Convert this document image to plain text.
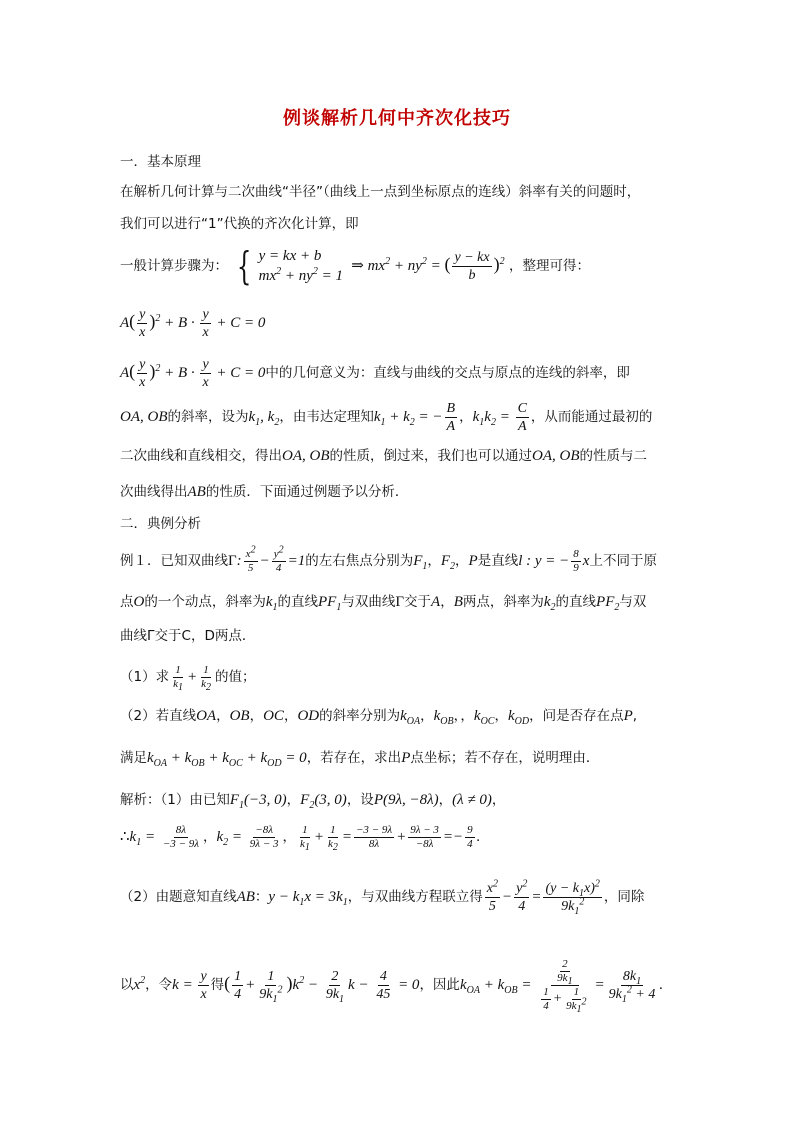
例谈解析几何中齐次化技巧
一．基本原理
在解析几何计算与二次曲线“半径”（曲线上一点到坐标原点的连线）斜率有关的问题时，
我们可以进行“1”代换的齐次化计算，即
一般计算步骤为： { y = kx + b
$mx^2 + ny^2 = 1$
⇒ $mx^2 + ny^2$ = ( $\frac{y - kx}{b} )^2$ ，整理可得：
$A( \frac{y}{x} )^2 + B \cdot \frac{y}{x} + C = 0$
$A( \frac{y}{x} )^2 + B \cdot \frac{y}{x} + C = 0$中的几何意义为：直线与曲线的交点与原点的连线的斜率，即
OA, OB的斜率，设为$k_1$, $k_2$，由韦达定理知$k_1 + k_2$ = − $\frac{B}{A}$ ，$k_1k_2 = \frac{C}{A}$ ，从而能通过最初的
二次曲线和直线相交，得出OA, OB的性质，倒过来，我们也可以通过OA, OB的性质与二
次曲线得出AB的性质．下面通过例题予以分析．
二．典例分析
例１．已知双曲线Γ: $\frac{x^2}{5} - \frac{y^2}{4} =1$的左右焦点分别为$F_1$，$F_2$，P是直线l : y = − $\frac{8}{9}$ x上不同于原
点O的一个动点，斜率为$k_1$的直线$PF_1$与双曲线Γ交于A，B两点，斜率为$k_2$的直线$PF_2$与双
曲线Γ交于C，D两点．
（1）求 $\frac{1}{k_1} + \frac{1}{k_2}$ 的值；
（2）若直线OA，OB，OC，OD的斜率分别为$k_{OA}$，$k_{OB}$，，$k_{OC}$，$k_{OD}$，问是否存在点P,
满足$k_{OA} + k_{OB} + k_{OC} + k_{OD} = 0$，若存在，求出P点坐标；若不存在，说明理由．
解析：（1）由已知$F_1(-3$, 0)，$F_2(3$, 0)，设P(9λ, −8λ)，(λ ≠ 0)，
$\therefore k_1 = \frac{8\lambda}{-3 - 9\lambda}$ ，$k_2 = \frac{-8\lambda}{9\lambda - 3}$ ， $\frac{1}{k_1} + \frac{1}{k_2} = \frac{-3 - 9\lambda}{8\lambda} + \frac{9\lambda - 3}{-8\lambda} =- \frac{9}{4}$ .
（2）由题意知直线AB：$y - k_1x = 3k_1$，与双曲线方程联立得 $\frac{x^2}{5} - \frac{y^2}{4} = \frac{(y - k_1x)^2}{9k_1^2}$ ，同除
以$x^2$，令$k = \frac{y}{x}$ 得( $\frac{1}{4} + \frac{1}{9k_1^2} )k^2 - \frac{2}{9k_1}$ $k - \frac{4}{45} = 0$，因此$k_{OA} + k_{OB} = \frac{\frac{2}{9k_1}}{\frac{1}{4} + \frac{1}{9k_1^2}} = \frac{8k_1}{9k_1^2 + 4}$ .
